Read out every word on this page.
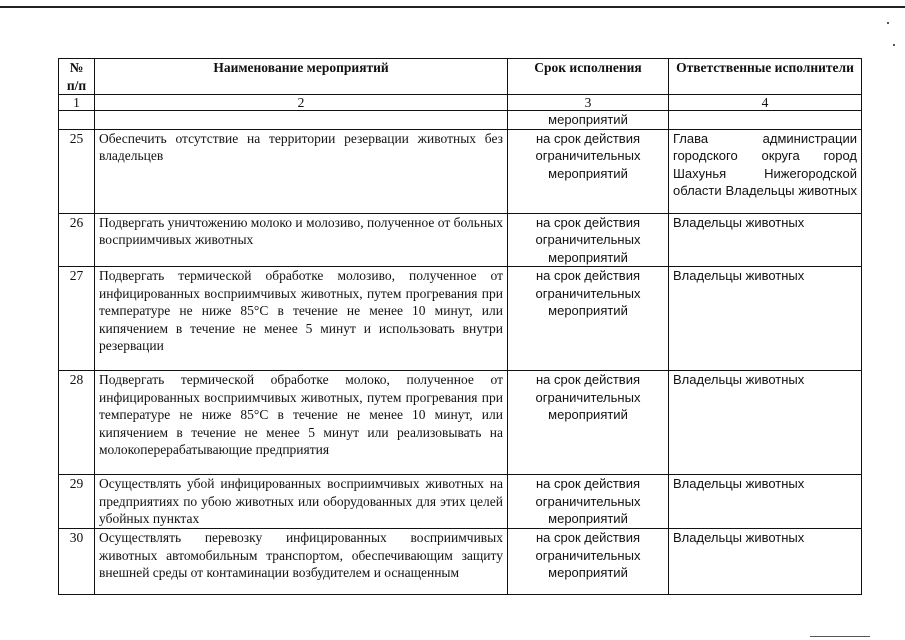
№ п/п	Наименование мероприятий	Срок исполнения	Ответственные исполнители
1	2	3	4
		мероприятий	
25	Обеспечить отсутствие на территории резервации животных без владельцев	на срок действия ограничительных мероприятий	Глава администрации городского округа город Шахунья Нижегородской области Владельцы животных
26	Подвергать уничтожению молоко и молозиво, полученное от больных восприимчивых животных	на срок действия ограничительных мероприятий	Владельцы животных
27	Подвергать термической обработке молозиво, полученное от инфицированных восприимчивых животных, путем прогревания при температуре не ниже 85°С в течение не менее 10 минут, или кипячением в течение не менее 5 минут и использовать внутри резервации	на срок действия ограничительных мероприятий	Владельцы животных
28	Подвергать термической обработке молоко, полученное от инфицированных восприимчивых животных, путем прогревания при температуре не ниже 85°С в течение не менее 10 минут, или кипячением в течение не менее 5 минут или реализовывать на молокоперерабатывающие предприятия	на срок действия ограничительных мероприятий	Владельцы животных
29	Осуществлять убой инфицированных восприимчивых животных на предприятиях по убою животных или оборудованных для этих целей убойных пунктах	на срок действия ограничительных мероприятий	Владельцы животных
30	Осуществлять перевозку инфицированных восприимчивых животных автомобильным транспортом, обеспечивающим защиту внешней среды от контаминации возбудителем и оснащенным	на срок действия ограничительных мероприятий	Владельцы животных
